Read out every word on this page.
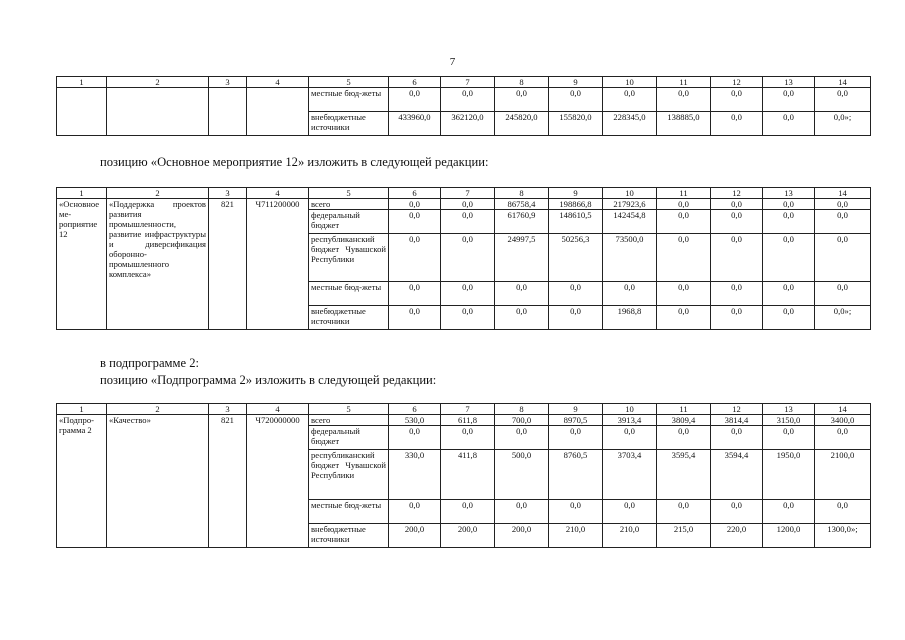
7
1	2	3	4	5	6	7	8	9	10	11	12	13	14
				местные бюд-жеты	0,0	0,0	0,0	0,0	0,0	0,0	0,0	0,0	0,0
				внебюджетные источники	433960,0	362120,0	245820,0	155820,0	228345,0	138885,0	0,0	0,0	0,0»;
позицию «Основное мероприятие 12» изложить в следующей редакции:
1	2	3	4	5	6	7	8	9	10	11	12	13	14
«Основное ме-роприятие 12	«Поддержка проектов развития промышленности, развитие инфраструктуры и диверсификация оборонно-промышленного комплекса»	821	Ч711200000	всего	0,0	0,0	86758,4	198866,8	217923,6	0,0	0,0	0,0	0,0
				федеральный бюджет	0,0	0,0	61760,9	148610,5	142454,8	0,0	0,0	0,0	0,0
				республиканский бюджет Чувашской Республики	0,0	0,0	24997,5	50256,3	73500,0	0,0	0,0	0,0	0,0
				местные бюд-жеты	0,0	0,0	0,0	0,0	0,0	0,0	0,0	0,0	0,0
				внебюджетные источники	0,0	0,0	0,0	0,0	1968,8	0,0	0,0	0,0	0,0»;
в подпрограмме 2:
позицию «Подпрограмма 2» изложить в следующей редакции:
1	2	3	4	5	6	7	8	9	10	11	12	13	14
«Подпро-грамма 2	«Качество»	821	Ч720000000	всего	530,0	611,8	700,0	8970,5	3913,4	3809,4	3814,4	3150,0	3400,0
				федеральный бюджет	0,0	0,0	0,0	0,0	0,0	0,0	0,0	0,0	0,0
				республиканский бюджет Чувашской Республики	330,0	411,8	500,0	8760,5	3703,4	3595,4	3594,4	1950,0	2100,0
				местные бюд-жеты	0,0	0,0	0,0	0,0	0,0	0,0	0,0	0,0	0,0
				внебюджетные источники	200,0	200,0	200,0	210,0	210,0	215,0	220,0	1200,0	1300,0»;
